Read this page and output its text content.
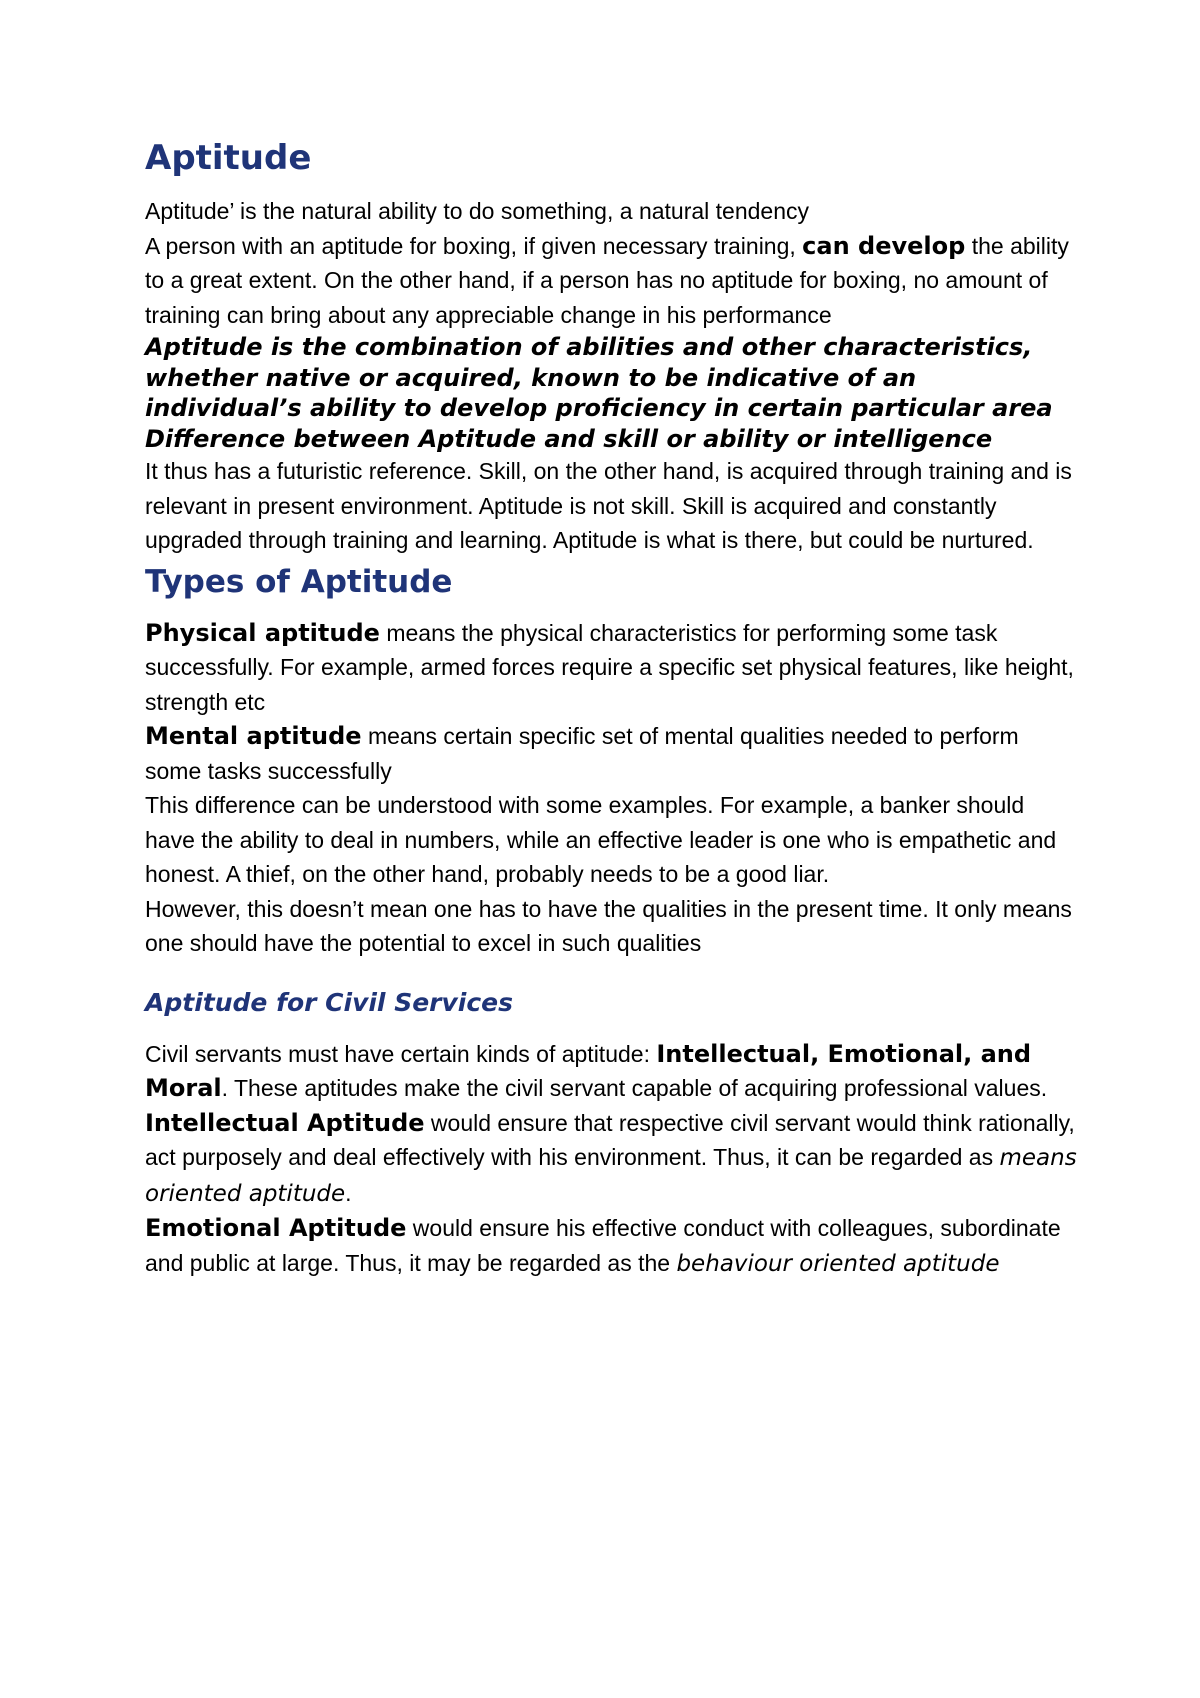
Aptitude

Aptitude’ is the natural ability to do something, a natural tendency

A person with an aptitude for boxing, if given necessary training, can develop the ability to a great extent. On the other hand, if a person has no aptitude for boxing, no amount of training can bring about any appreciable change in his performance

Aptitude is the combination of abilities and other characteristics, whether native or acquired, known to be indicative of an individual’s ability to develop proficiency in certain particular area

Difference between Aptitude and skill or ability or intelligence

It thus has a futuristic reference. Skill, on the other hand, is acquired through training and is relevant in present environment. Aptitude is not skill. Skill is acquired and constantly upgraded through training and learning. Aptitude is what is there, but could be nurtured.

Types of Aptitude

Physical aptitude means the physical characteristics for performing some task successfully. For example, armed forces require a specific set physical features, like height, strength etc

Mental aptitude means certain specific set of mental qualities needed to perform some tasks successfully

This difference can be understood with some examples. For example, a banker should have the ability to deal in numbers, while an effective leader is one who is empathetic and honest. A thief, on the other hand, probably needs to be a good liar.

However, this doesn’t mean one has to have the qualities in the present time. It only means one should have the potential to excel in such qualities

Aptitude for Civil Services

Civil servants must have certain kinds of aptitude: Intellectual, Emotional, and Moral. These aptitudes make the civil servant capable of acquiring professional values.

Intellectual Aptitude would ensure that respective civil servant would think rationally, act purposely and deal effectively with his environment. Thus, it can be regarded as means oriented aptitude.

Emotional Aptitude would ensure his effective conduct with colleagues, subordinate and public at large. Thus, it may be regarded as the behaviour oriented aptitude
